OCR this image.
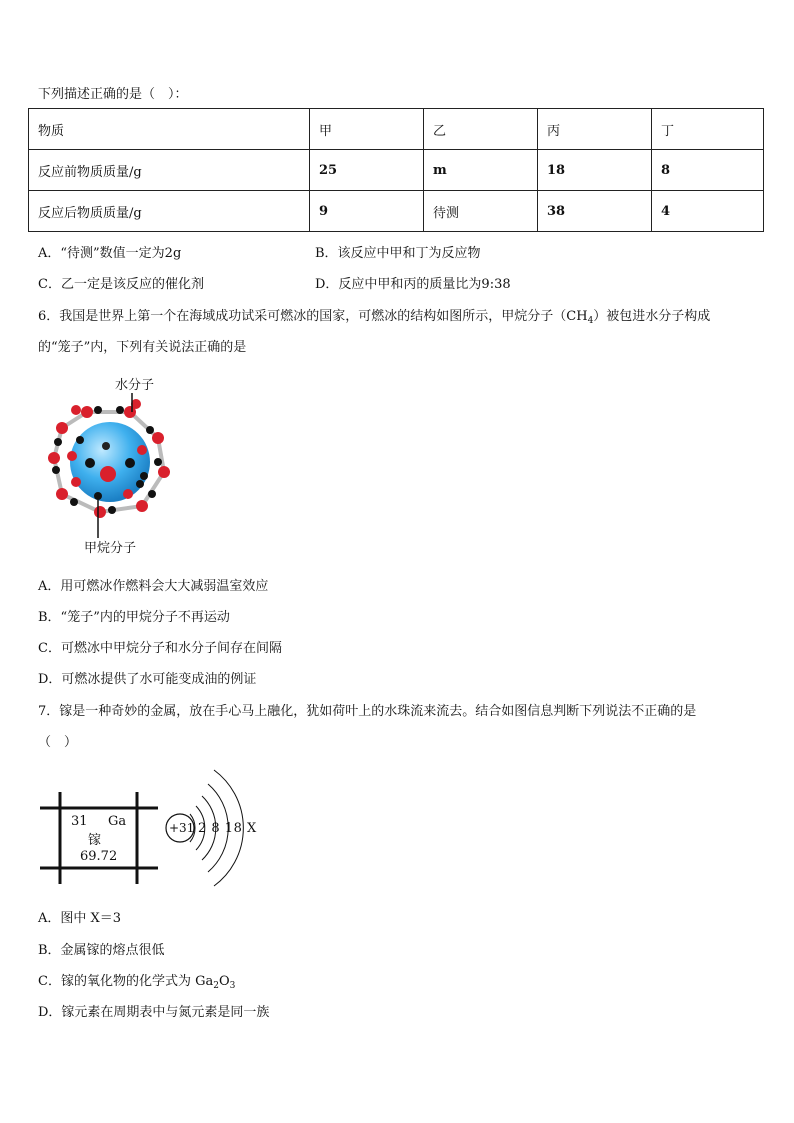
下列描述正确的是（　）：
物质	甲	乙	丙	丁
反应前物质质量/g	25	m	18	8
反应后物质质量/g	9	待测	38	4
A．“待测”数值一定为2g	B．该反应中甲和丁为反应物
C．乙一定是该反应的催化剂	D．反应中甲和丙的质量比为9:38
6．我国是世界上第一个在海域成功试采可燃冰的国家，可燃冰的结构如图所示，甲烷分子$(CH_4)$被包进水分子构成
的“笼子”内，下列有关说法正确的是
水分子
甲烷分子
A．用可燃冰作燃料会大大减弱温室效应
B．“笼子”内的甲烷分子不再运动
C．可燃冰中甲烷分子和水分子间存在间隔
D．可燃冰提供了水可能变成油的例证
7．镓是一种奇妙的金属，放在手心马上融化，犹如荷叶上的水珠流来流去。结合如图信息判断下列说法不正确的是
（　）
31 Ga
镓
69.72
+31 2 8 18 X
A．图中 X＝3
B．金属镓的熔点很低
C．镓的氧化物的化学式为 $Ga_2O_3$
D．镓元素在周期表中与氮元素是同一族
